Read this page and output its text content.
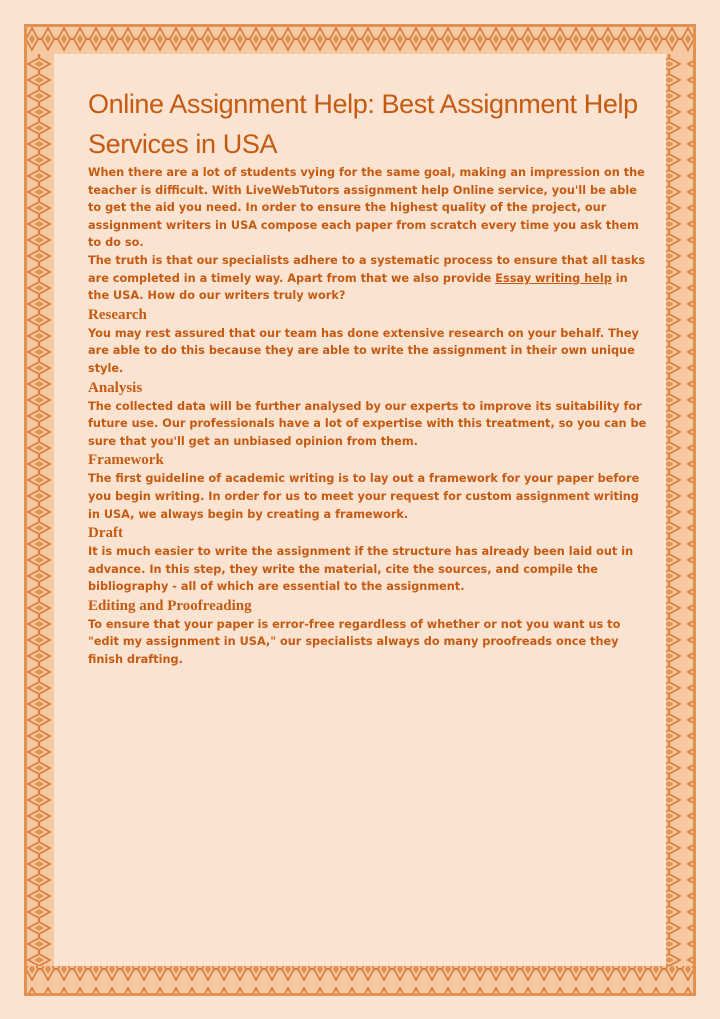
Online Assignment Help: Best Assignment Help Services in USA

When there are a lot of students vying for the same goal, making an impression on the teacher is difficult. With LiveWebTutors assignment help Online service, you'll be able to get the aid you need. In order to ensure the highest quality of the project, our assignment writers in USA compose each paper from scratch every time you ask them to do so.

The truth is that our specialists adhere to a systematic process to ensure that all tasks are completed in a timely way. Apart from that we also provide Essay writing help in the USA. How do our writers truly work?

Research

You may rest assured that our team has done extensive research on your behalf. They are able to do this because they are able to write the assignment in their own unique style.

Analysis

The collected data will be further analysed by our experts to improve its suitability for future use. Our professionals have a lot of expertise with this treatment, so you can be sure that you'll get an unbiased opinion from them.

Framework

The first guideline of academic writing is to lay out a framework for your paper before you begin writing. In order for us to meet your request for custom assignment writing in USA, we always begin by creating a framework.

Draft

It is much easier to write the assignment if the structure has already been laid out in advance. In this step, they write the material, cite the sources, and compile the bibliography - all of which are essential to the assignment.

Editing and Proofreading

To ensure that your paper is error-free regardless of whether or not you want us to "edit my assignment in USA," our specialists always do many proofreads once they finish drafting.
